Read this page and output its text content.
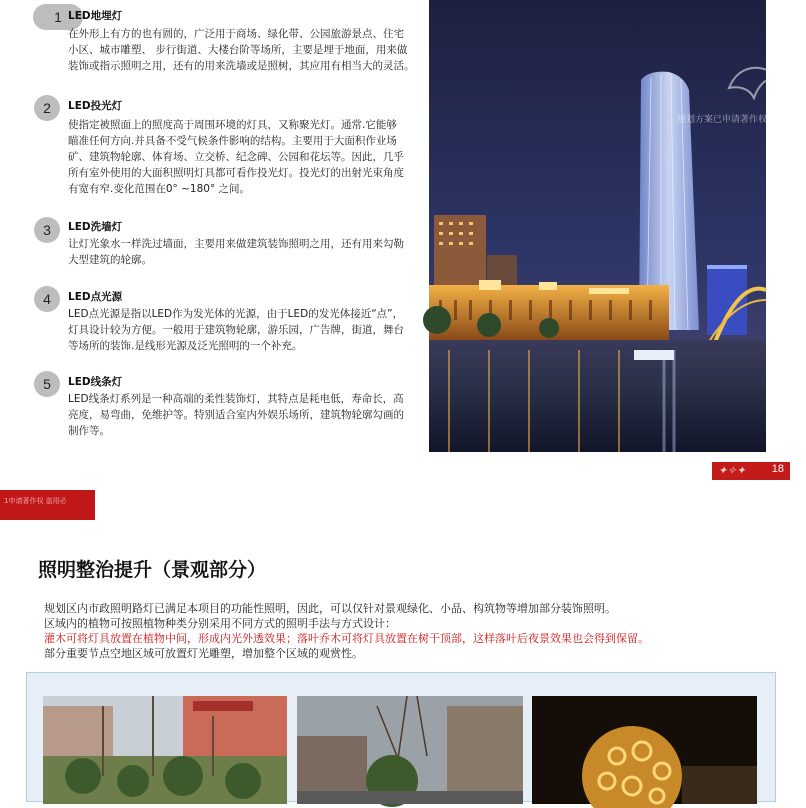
1 LED地埋灯
在外形上有方的也有圆的，广泛用于商场、绿化带、公园旅游景点、住宅
小区、城市雕塑、 步行街道、大楼台阶等场所，主要是埋于地面，用来做
装饰或指示照明之用，还有的用来洗墙或是照树，其应用有相当大的灵活。
2	LED投光灯
使指定被照面上的照度高于周围环境的灯具，又称聚光灯。通常.它能够
瞄准任何方向.并具备不受气候条件影响的结构。主要用于大面积作业场
矿、建筑物轮廓、体育场、立交桥、纪念碑、公园和花坛等。因此，几乎
所有室外使用的大面积照明灯具都可看作投光灯。投光灯的出射光束角度
有宽有窄.变化范围在0° ~180° 之间。
3	LED洗墙灯
让灯光象水一样洗过墙面，主要用来做建筑装饰照明之用，还有用来勾勒
大型建筑的轮廓。
4	LED点光源
LED点光源是指以LED作为发光体的光源，由于LED的发光体接近“点”，
灯具设计较为方便。一般用于建筑物轮廓，游乐园，广告牌，街道，舞台
等场所的装饰.是线形光源及泛光照明的一个补充。
5	LED线条灯
LED线条灯系列是一种高端的柔性装饰灯，其特点是耗电低，寿命长，高
亮度，易弯曲，免维护等。特别适合室内外娱乐场所，建筑物轮廓勾画的
制作等。
规划方案已申请著作权 盗用必究
✦✧✦ 18
1申请著作权 盗用必
照明整治提升（景观部分）
规划区内市政照明路灯已满足本项目的功能性照明，因此，可以仅针对景观绿化、小品、构筑物等增加部分装饰照明。
区域内的植物可按照植物种类分别采用不同方式的照明手法与方式设计：
灌木可将灯具放置在植物中间，形成内光外透效果；落叶乔木可将灯具放置在树干顶部，这样落叶后夜景效果也会得到保留。
部分重要节点空地区域可放置灯光雕塑，增加整个区域的观赏性。
